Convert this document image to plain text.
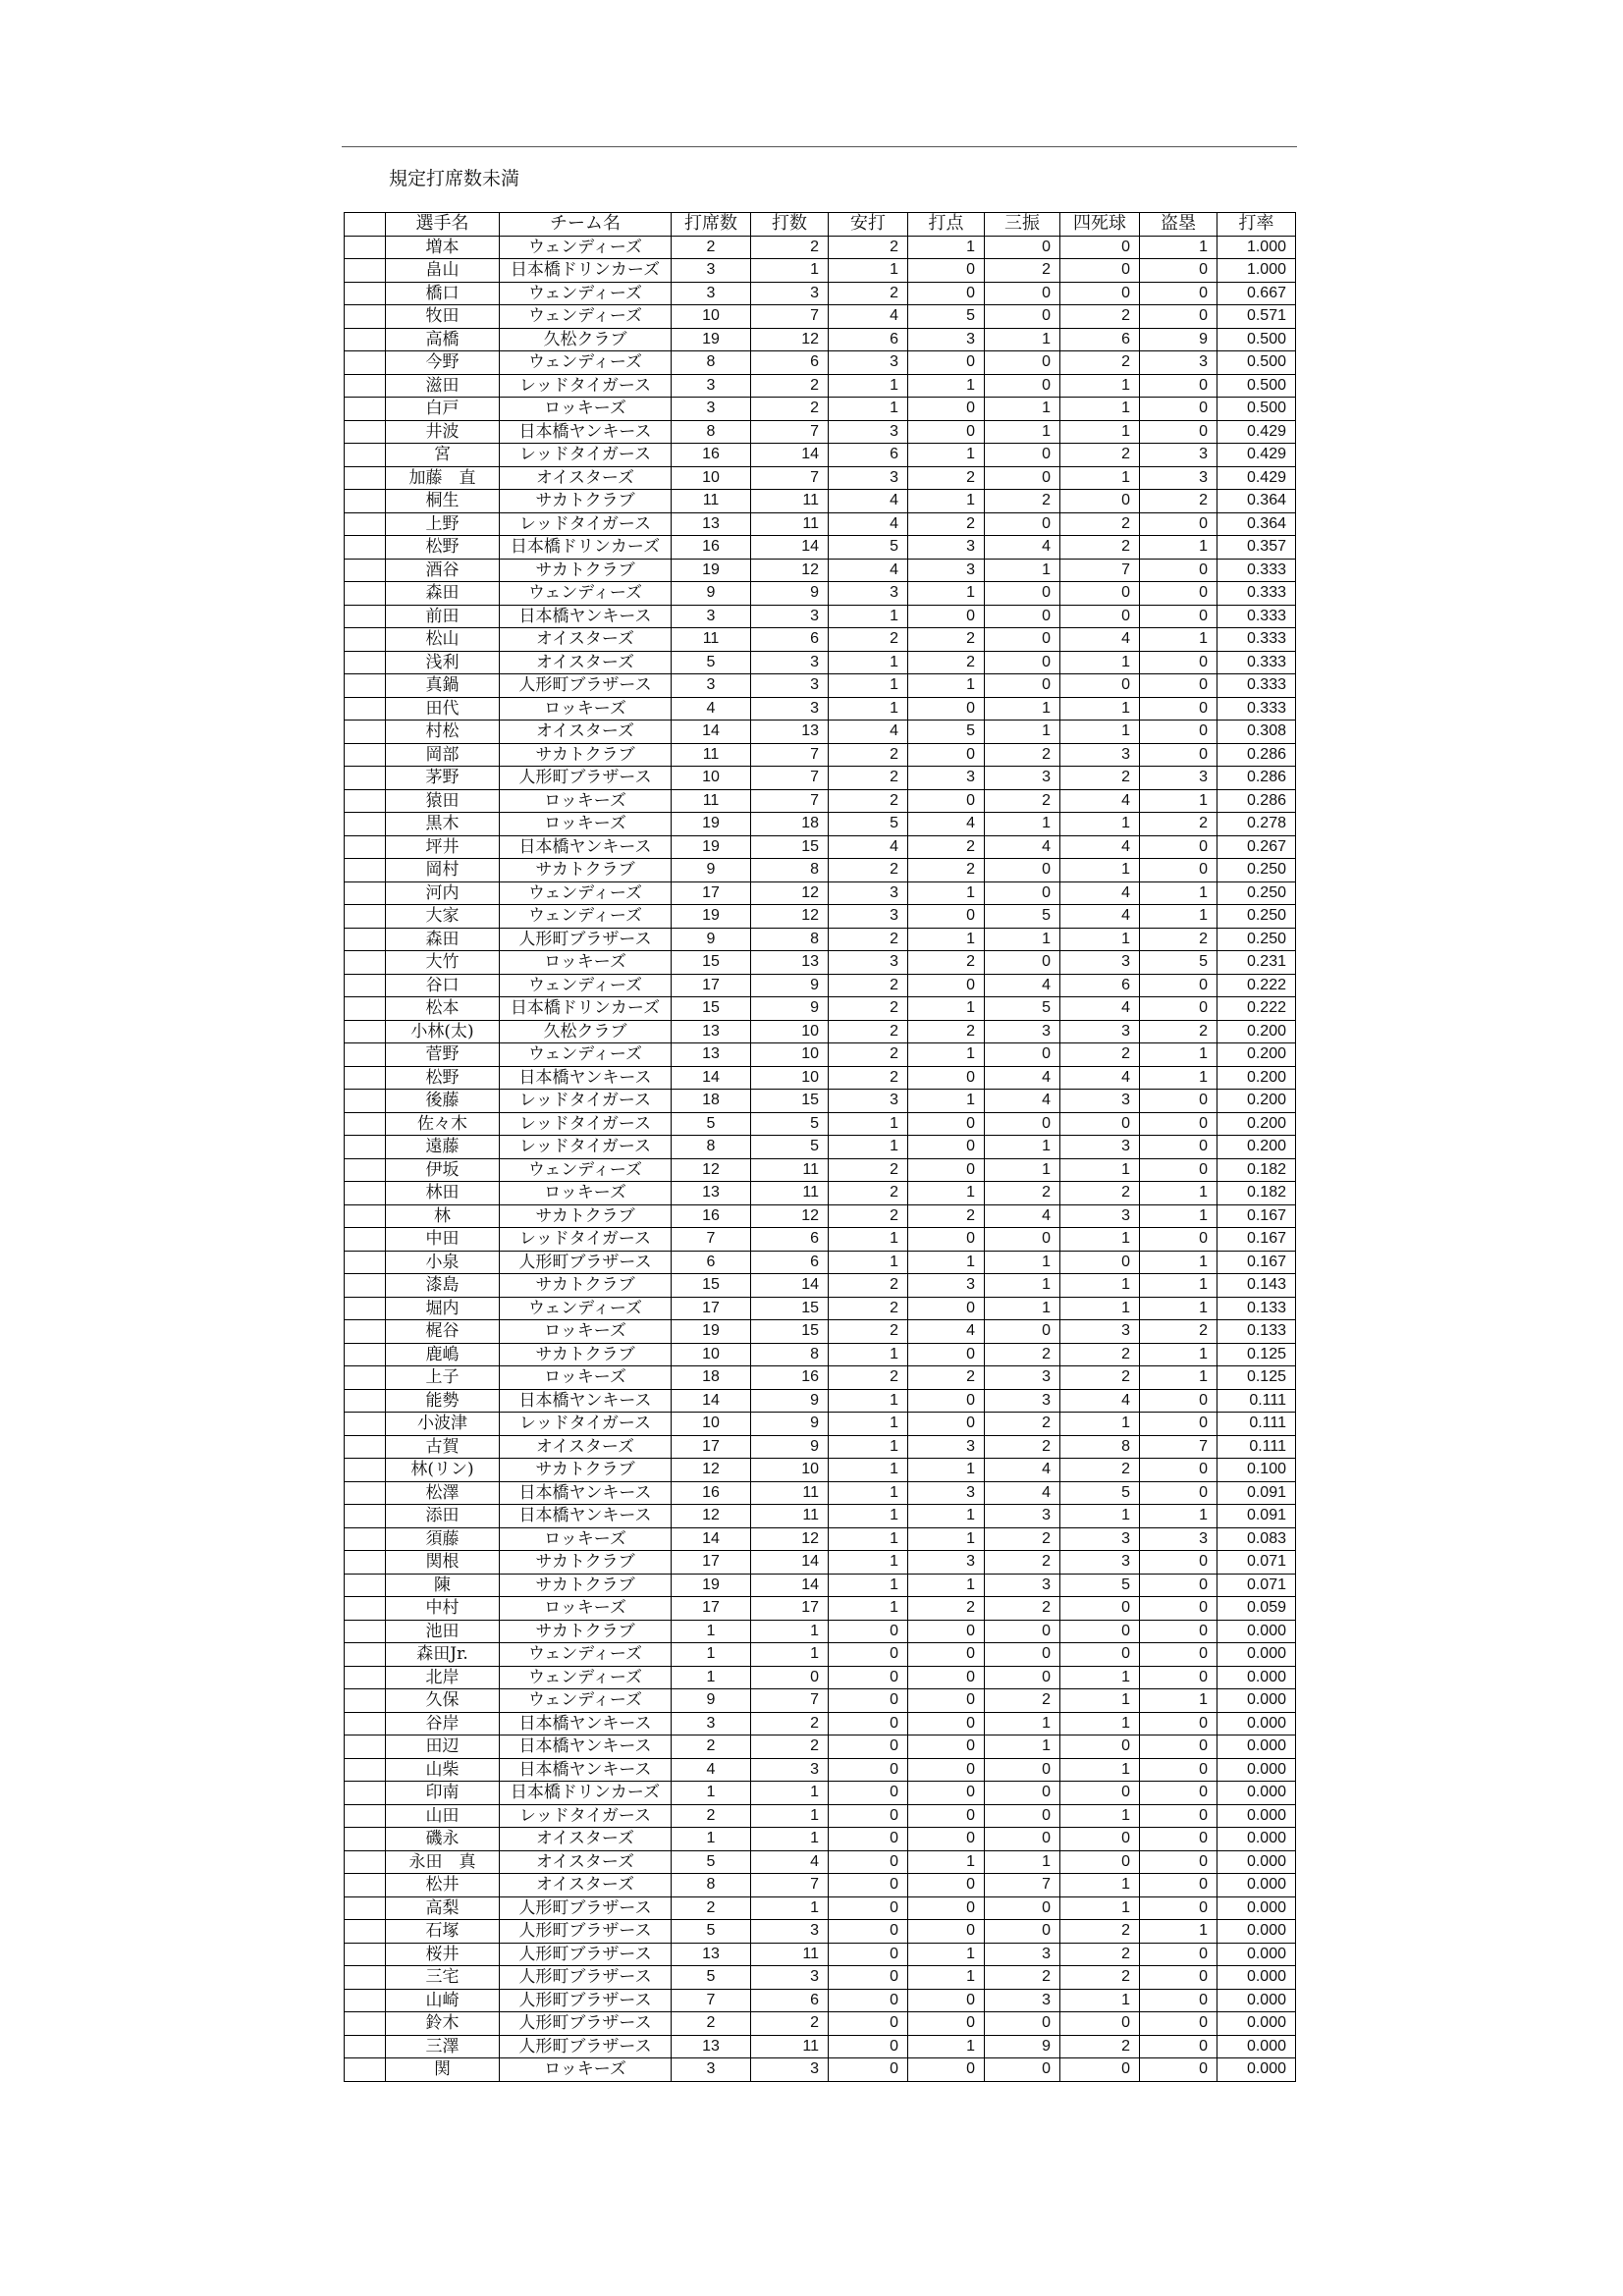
規定打席数未満
	選手名	チーム名	打席数	打数	安打	打点	三振	四死球	盗塁	打率
	増本	ウェンディーズ	2	2	2	1	0	0	1	1.000
	畠山	日本橋ドリンカーズ	3	1	1	0	2	0	0	1.000
	橋口	ウェンディーズ	3	3	2	0	0	0	0	0.667
	牧田	ウェンディーズ	10	7	4	5	0	2	0	0.571
	高橋	久松クラブ	19	12	6	3	1	6	9	0.500
	今野	ウェンディーズ	8	6	3	0	0	2	3	0.500
	滋田	レッドタイガース	3	2	1	1	0	1	0	0.500
	白戸	ロッキーズ	3	2	1	0	1	1	0	0.500
	井波	日本橋ヤンキース	8	7	3	0	1	1	0	0.429
	宮	レッドタイガース	16	14	6	1	0	2	3	0.429
	加藤　直	オイスターズ	10	7	3	2	0	1	3	0.429
	桐生	サカトクラブ	11	11	4	1	2	0	2	0.364
	上野	レッドタイガース	13	11	4	2	0	2	0	0.364
	松野	日本橋ドリンカーズ	16	14	5	3	4	2	1	0.357
	酒谷	サカトクラブ	19	12	4	3	1	7	0	0.333
	森田	ウェンディーズ	9	9	3	1	0	0	0	0.333
	前田	日本橋ヤンキース	3	3	1	0	0	0	0	0.333
	松山	オイスターズ	11	6	2	2	0	4	1	0.333
	浅利	オイスターズ	5	3	1	2	0	1	0	0.333
	真鍋	人形町ブラザース	3	3	1	1	0	0	0	0.333
	田代	ロッキーズ	4	3	1	0	1	1	0	0.333
	村松	オイスターズ	14	13	4	5	1	1	0	0.308
	岡部	サカトクラブ	11	7	2	0	2	3	0	0.286
	茅野	人形町ブラザース	10	7	2	3	3	2	3	0.286
	猿田	ロッキーズ	11	7	2	0	2	4	1	0.286
	黒木	ロッキーズ	19	18	5	4	1	1	2	0.278
	坪井	日本橋ヤンキース	19	15	4	2	4	4	0	0.267
	岡村	サカトクラブ	9	8	2	2	0	1	0	0.250
	河内	ウェンディーズ	17	12	3	1	0	4	1	0.250
	大家	ウェンディーズ	19	12	3	0	5	4	1	0.250
	森田	人形町ブラザース	9	8	2	1	1	1	2	0.250
	大竹	ロッキーズ	15	13	3	2	0	3	5	0.231
	谷口	ウェンディーズ	17	9	2	0	4	6	0	0.222
	松本	日本橋ドリンカーズ	15	9	2	1	5	4	0	0.222
	小林(太)	久松クラブ	13	10	2	2	3	3	2	0.200
	菅野	ウェンディーズ	13	10	2	1	0	2	1	0.200
	松野	日本橋ヤンキース	14	10	2	0	4	4	1	0.200
	後藤	レッドタイガース	18	15	3	1	4	3	0	0.200
	佐々木	レッドタイガース	5	5	1	0	0	0	0	0.200
	遠藤	レッドタイガース	8	5	1	0	1	3	0	0.200
	伊坂	ウェンディーズ	12	11	2	0	1	1	0	0.182
	林田	ロッキーズ	13	11	2	1	2	2	1	0.182
	林	サカトクラブ	16	12	2	2	4	3	1	0.167
	中田	レッドタイガース	7	6	1	0	0	1	0	0.167
	小泉	人形町ブラザース	6	6	1	1	1	0	1	0.167
	漆島	サカトクラブ	15	14	2	3	1	1	1	0.143
	堀内	ウェンディーズ	17	15	2	0	1	1	1	0.133
	梶谷	ロッキーズ	19	15	2	4	0	3	2	0.133
	鹿嶋	サカトクラブ	10	8	1	0	2	2	1	0.125
	上子	ロッキーズ	18	16	2	2	3	2	1	0.125
	能勢	日本橋ヤンキース	14	9	1	0	3	4	0	0.111
	小波津	レッドタイガース	10	9	1	0	2	1	0	0.111
	古賀	オイスターズ	17	9	1	3	2	8	7	0.111
	林(リン)	サカトクラブ	12	10	1	1	4	2	0	0.100
	松澤	日本橋ヤンキース	16	11	1	3	4	5	0	0.091
	添田	日本橋ヤンキース	12	11	1	1	3	1	1	0.091
	須藤	ロッキーズ	14	12	1	1	2	3	3	0.083
	関根	サカトクラブ	17	14	1	3	2	3	0	0.071
	陳	サカトクラブ	19	14	1	1	3	5	0	0.071
	中村	ロッキーズ	17	17	1	2	2	0	0	0.059
	池田	サカトクラブ	1	1	0	0	0	0	0	0.000
	森田Jr.	ウェンディーズ	1	1	0	0	0	0	0	0.000
	北岸	ウェンディーズ	1	0	0	0	0	1	0	0.000
	久保	ウェンディーズ	9	7	0	0	2	1	1	0.000
	谷岸	日本橋ヤンキース	3	2	0	0	1	1	0	0.000
	田辺	日本橋ヤンキース	2	2	0	0	1	0	0	0.000
	山柴	日本橋ヤンキース	4	3	0	0	0	1	0	0.000
	印南	日本橋ドリンカーズ	1	1	0	0	0	0	0	0.000
	山田	レッドタイガース	2	1	0	0	0	1	0	0.000
	磯永	オイスターズ	1	1	0	0	0	0	0	0.000
	永田　真	オイスターズ	5	4	0	1	1	0	0	0.000
	松井	オイスターズ	8	7	0	0	7	1	0	0.000
	高梨	人形町ブラザース	2	1	0	0	0	1	0	0.000
	石塚	人形町ブラザース	5	3	0	0	0	2	1	0.000
	桜井	人形町ブラザース	13	11	0	1	3	2	0	0.000
	三宅	人形町ブラザース	5	3	0	1	2	2	0	0.000
	山崎	人形町ブラザース	7	6	0	0	3	1	0	0.000
	鈴木	人形町ブラザース	2	2	0	0	0	0	0	0.000
	三澤	人形町ブラザース	13	11	0	1	9	2	0	0.000
	関	ロッキーズ	3	3	0	0	0	0	0	0.000
